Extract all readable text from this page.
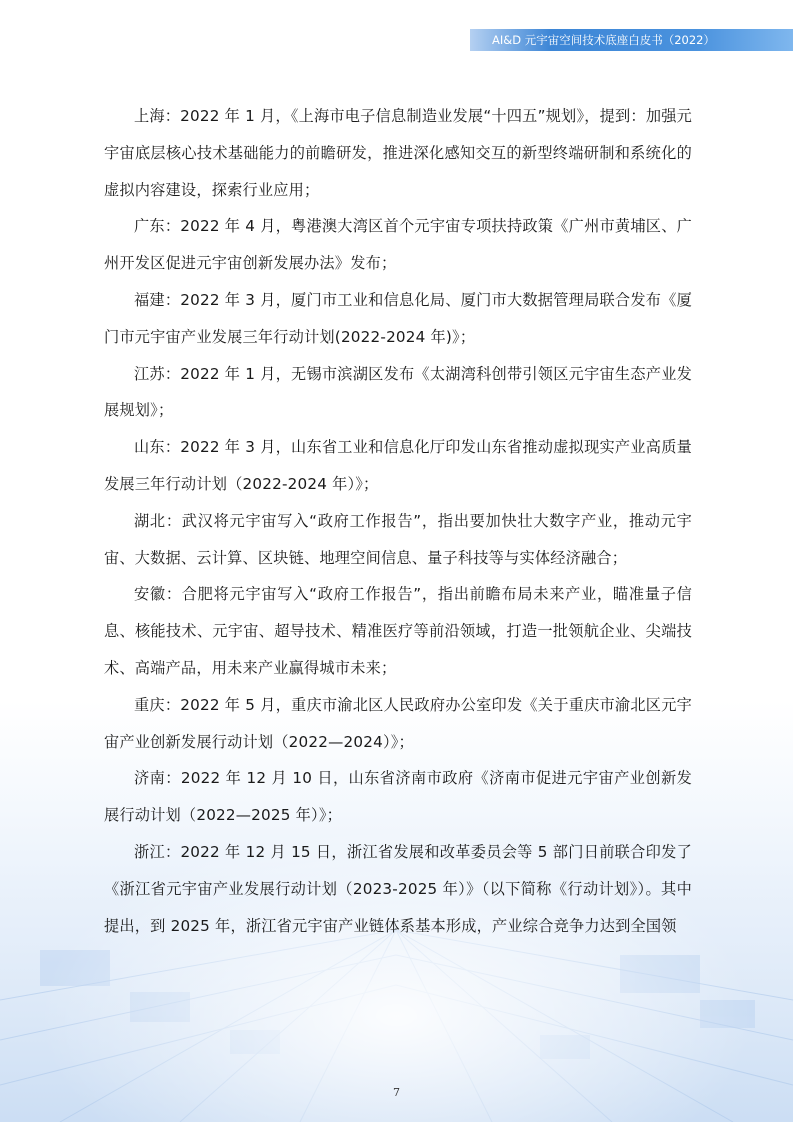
AI&D 元宇宙空间技术底座白皮书（2022）

上海：2022 年 1 月，《上海市电子信息制造业发展“十四五”规划》，提到：加强元宇宙底层核心技术基础能力的前瞻研发，推进深化感知交互的新型终端研制和系统化的虚拟内容建设，探索行业应用；

广东：2022 年 4 月，粤港澳大湾区首个元宇宙专项扶持政策《广州市黄埔区、广州开发区促进元宇宙创新发展办法》发布；

福建：2022 年 3 月，厦门市工业和信息化局、厦门市大数据管理局联合发布《厦门市元宇宙产业发展三年行动计划(2022-2024 年)》；

江苏：2022 年 1 月，无锡市滨湖区发布《太湖湾科创带引领区元宇宙生态产业发展规划》；

山东：2022 年 3 月，山东省工业和信息化厅印发山东省推动虚拟现实产业高质量发展三年行动计划（2022-2024 年）》；

湖北：武汉将元宇宙写入“政府工作报告”，指出要加快壮大数字产业，推动元宇宙、大数据、云计算、区块链、地理空间信息、量子科技等与实体经济融合；

安徽：合肥将元宇宙写入“政府工作报告”，指出前瞻布局未来产业，瞄准量子信息、核能技术、元宇宙、超导技术、精准医疗等前沿领域，打造一批领航企业、尖端技术、高端产品，用未来产业赢得城市未来；

重庆：2022 年 5 月，重庆市渝北区人民政府办公室印发《关于重庆市渝北区元宇宙产业创新发展行动计划（2022—2024）》；

济南：2022 年 12 月 10 日，山东省济南市政府《济南市促进元宇宙产业创新发展行动计划（2022—2025 年）》；

浙江：2022 年 12 月 15 日，浙江省发展和改革委员会等 5 部门日前联合印发了《浙江省元宇宙产业发展行动计划（2023-2025 年）》（以下简称《行动计划》）。其中提出，到 2025 年，浙江省元宇宙产业链体系基本形成，产业综合竞争力达到全国领

7
